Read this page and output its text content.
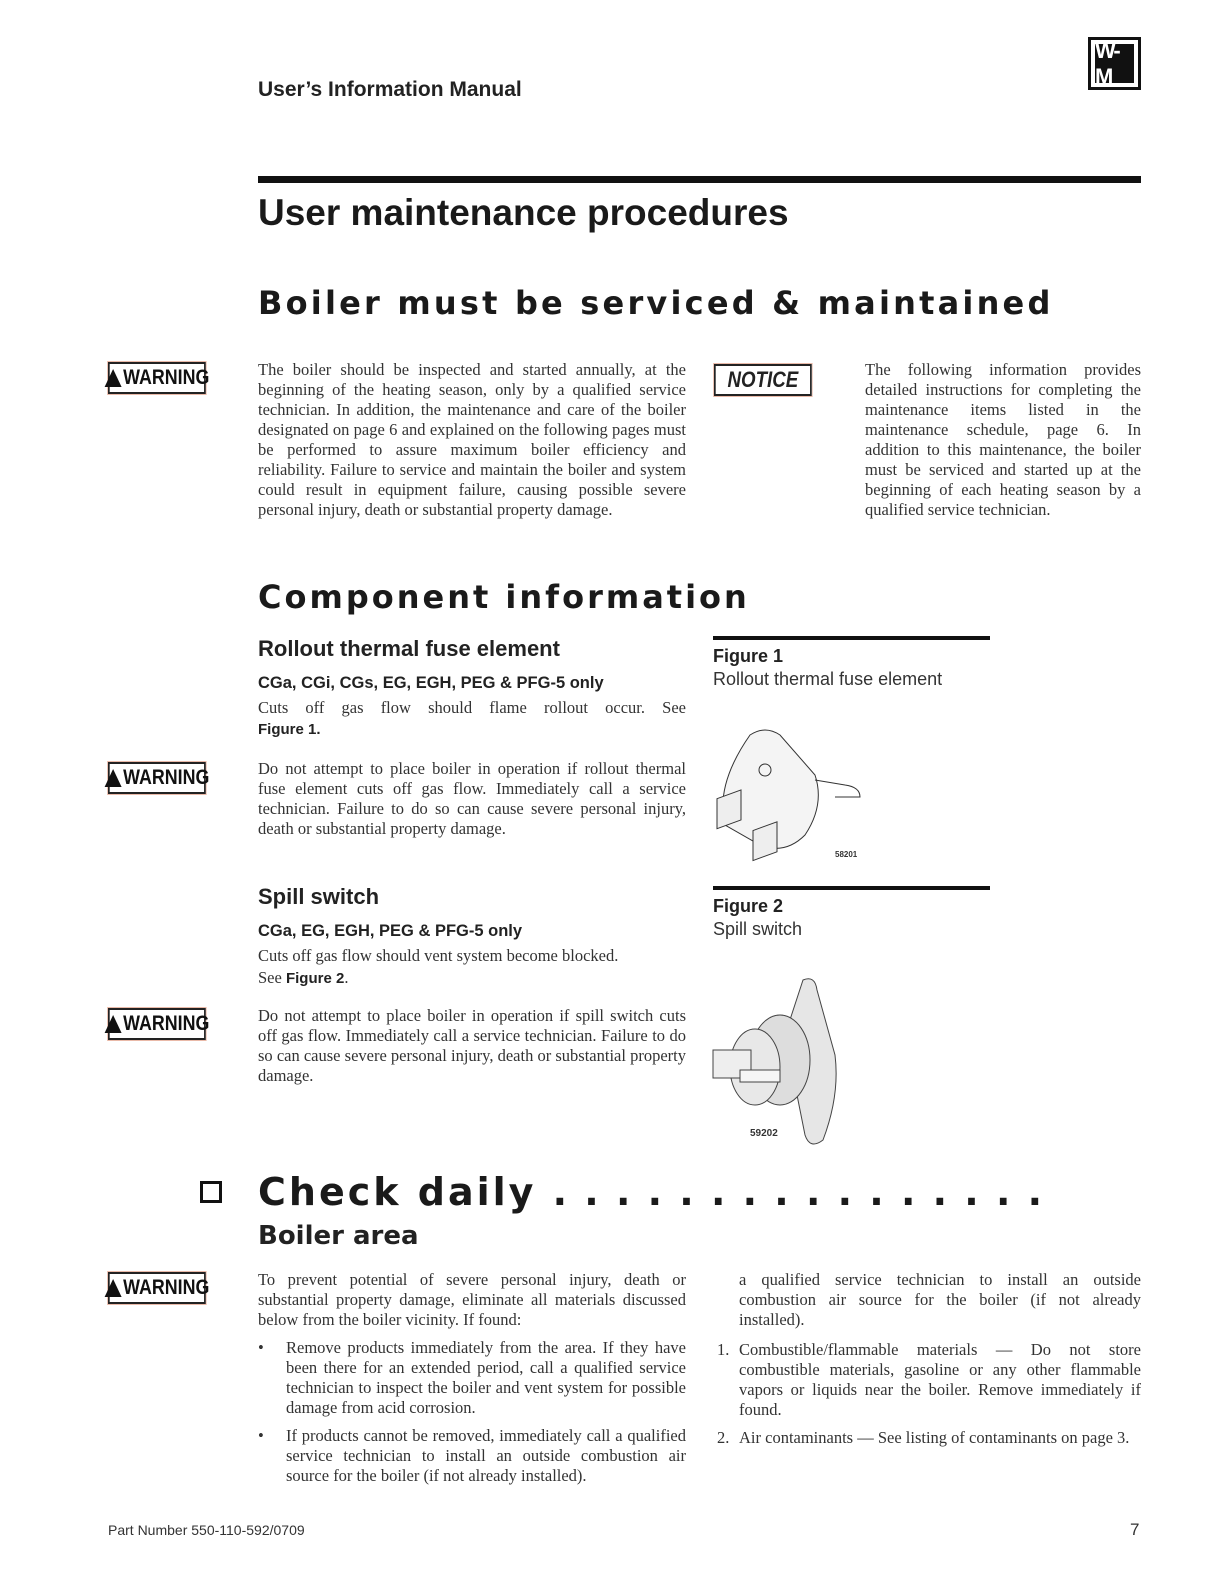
User’s Information Manual
W-M
User maintenance procedures
Boiler must be serviced & maintained
WARNING	The boiler should be inspected and started annually, at the beginning of the heating season, only by a qualified service technician. In addition, the maintenance and care of the boiler designated on page 6 and explained on the following pages must be performed to assure maximum boiler efficiency and reliability. Failure to service and maintain the boiler and system could result in equipment failure, causing possible severe personal injury, death or substantial property damage.
NOTICE	The following information provides detailed instructions for completing the maintenance items listed in the maintenance schedule, page 6. In addition to this maintenance, the boiler must be serviced and started up at the beginning of each heating season by a qualified service technician.
Component information
Rollout thermal fuse element
CGa, CGi, CGs, EG, EGH, PEG & PFG-5 only
Cuts off gas flow should flame rollout occur. See
Figure 1.
WARNING	Do not attempt to place boiler in operation if rollout thermal fuse element cuts off gas flow. Immediately call a service technician. Failure to do so can cause severe personal injury, death or substantial property damage.
Spill switch
CGa, EG, EGH, PEG & PFG-5 only
Cuts off gas flow should vent system become blocked.
See Figure 2.
WARNING	Do not attempt to place boiler in operation if spill switch cuts off gas flow. Immediately call a service technician. Failure to do so can cause severe personal injury, death or substantial property damage.
Figure 1
Rollout thermal fuse element
58201
Figure 2
Spill switch
59202
Check daily . . . . . . . . . . . . . . . .
Boiler area
WARNING	To prevent potential of severe personal injury, death or substantial property damage, eliminate all materials discussed below from the boiler vicinity. If found:
• Remove products immediately from the area. If they have been there for an extended period, call a qualified service technician to inspect the boiler and vent system for possible damage from acid corrosion.
• If products cannot be removed, immediately call a qualified service technician to install an outside combustion air source for the boiler (if not already installed).
a qualified service technician to install an outside combustion air source for the boiler (if not already installed).
1. Combustible/flammable materials — Do not store combustible materials, gasoline or any other flammable vapors or liquids near the boiler. Remove immediately if found.
2. Air contaminants — See listing of contaminants on page 3.
Part Number 550-110-592/0709	7
